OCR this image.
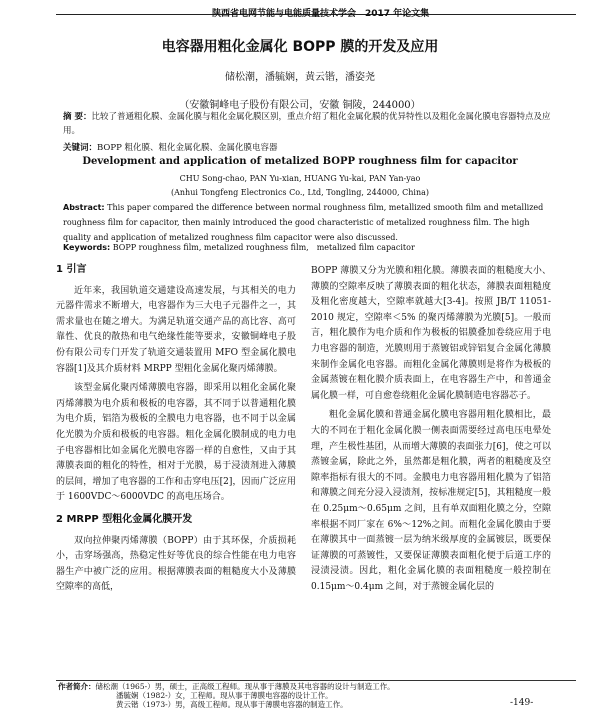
陕西省电网节能与电能质量技术学会　2017 年论文集
电容器用粗化金属化 BOPP 膜的开发及应用
储松潮，潘毓娴，黄云锴，潘姿尧
（安徽铜峰电子股份有限公司，安徽 铜陵，244000）
摘 要：比较了普通粗化膜、金属化膜与粗化金属化膜区别，重点介绍了粗化金属化膜的优异特性以及粗化金属化膜电容器特点及应用。
关键词：BOPP 粗化膜、粗化金属化膜、金属化膜电容器
Development and application of metalized BOPP roughness film for capacitor
CHU Song-chao, PAN Yu-xian, HUANG Yu-kai, PAN Yan-yao
(Anhui Tongfeng Electronics Co., Ltd, Tongling, 244000, China)
Abstract: This paper compared the difference between normal roughness film, metallized smooth film and metallized roughness film for capacitor, then mainly introduced the good characteristic of metalized roughness film. The high quality and application of metalized roughness film capacitor were also discussed.
Keywords: BOPP roughness film, metalized roughness film,　metalized film capacitor

1 引言

近年来，我国轨道交通建设高速发展，与其相关的电力元器件需求不断增大，电容器作为三大电子元器件之一，其需求量也在随之增大。为满足轨道交通产品的高比容、高可靠性、优良的散热和电气绝缘性能等要求，安徽铜峰电子股份有限公司专门开发了轨道交通装置用 MFO 型金属化膜电容器[1]及其介质材料 MRPP 型粗化金属化聚丙烯薄膜。

该型金属化聚丙烯薄膜电容器，即采用以粗化金属化聚丙烯薄膜为电介质和极板的电容器，其不同于以普通粗化膜为电介质，铝箔为极板的全膜电力电容器，也不同于以金属化光膜为介质和极板的电容器。粗化金属化膜制成的电力电子电容器相比如金属化光膜电容器一样的自愈性，又由于其薄膜表面的粗化的特性，相对于光膜，易于浸渍剂进入薄膜的层间，增加了电容器的工作和击穿电压[2]，因而广泛应用于 1600VDC～6000VDC 的高电压场合。

2 MRPP 型粗化金属化膜开发

双向拉伸聚丙烯薄膜（BOPP）由于其环保，介质损耗小，击穿场强高，热稳定性好等优良的综合性能在电力电容器生产中被广泛的应用。根据薄膜表面的粗糙度大小及薄膜空隙率的高低，

BOPP 薄膜又分为光膜和粗化膜。薄膜表面的粗糙度大小、薄膜的空隙率反映了薄膜表面的粗化状态，薄膜表面粗糙度及粗化密度越大，空隙率就越大[3-4]。按照 JB/T 11051-2010 规定，空隙率＜5% 的聚丙烯薄膜为光膜[5]。一般而言，粗化膜作为电介质和作为极板的铝膜叠加卷绕应用于电力电容器的制造，光膜则用于蒸镀铝或锌铝复合金属化薄膜来制作金属化电容器。而粗化金属化薄膜则是将作为极板的金属蒸镀在粗化膜介质表面上，在电容器生产中，和普通金属化膜一样，可自愈卷绕粗化金属化膜制造电容器芯子。

粗化金属化膜和普通金属化膜电容器用粗化膜相比，最大的不同在于粗化金属化膜一侧表面需要经过高电压电晕处理，产生极性基团，从而增大薄膜的表面张力[6]，使之可以蒸镀金属，除此之外，虽然都是粗化膜，两者的粗糙度及空隙率指标有很大的不同。金膜电力电容器用粗化膜为了铝箔和薄膜之间充分浸入浸渍剂，按标准规定[5]，其粗糙度一般在 0.25μm～0.65μm 之间，且有单双面粗化膜之分，空隙率根据不同厂家在 6%～12%之间。而粗化金属化膜由于要在薄膜其中一面蒸镀一层为纳米级厚度的金属镀层，既要保证薄膜的可蒸镀性，又要保证薄膜表面粗化便于后道工序的浸渍浸渍。因此，粗化金属化膜的表面粗糙度一般控制在 0.15μm～0.4μm 之间，对于蒸镀金属化层的

作者简介：储松潮（1965-）男，硕士，正高级工程师。现从事于薄膜及其电容器的设计与制造工作。
潘毓娴（1982-）女，工程师。现从事于薄膜电容器的设计工作。
黄云锴（1973-）男，高级工程师。现从事于薄膜电容器的制造工作。	-149-
